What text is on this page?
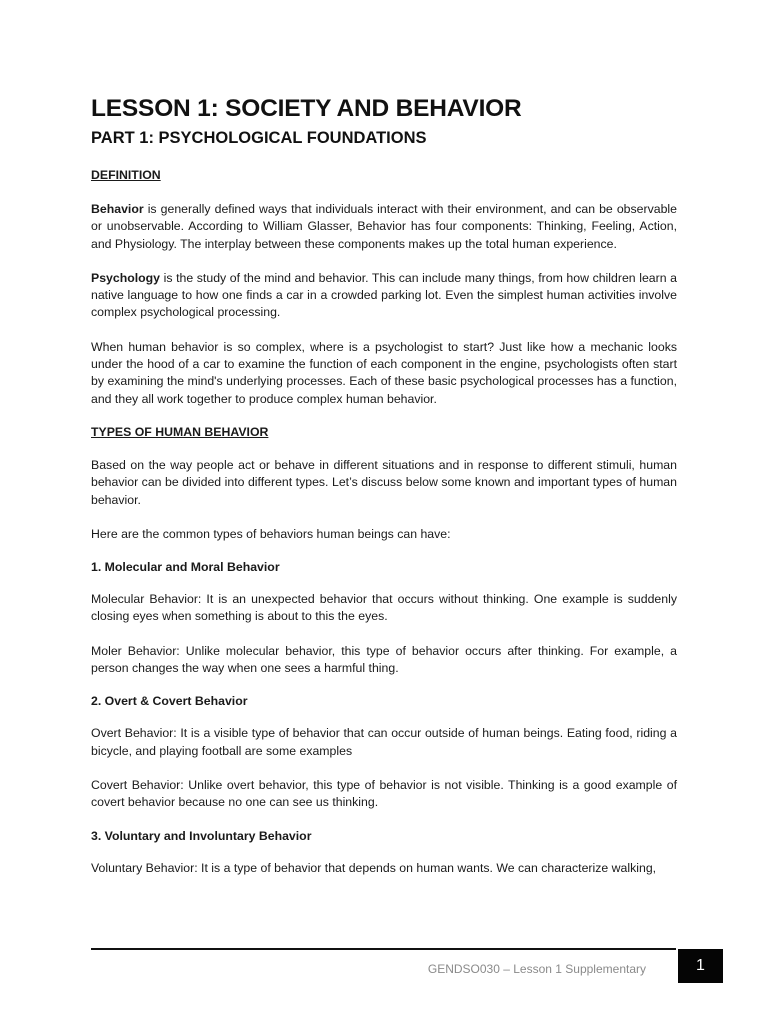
LESSON 1: SOCIETY AND BEHAVIOR
PART 1: PSYCHOLOGICAL FOUNDATIONS
DEFINITION

Behavior is generally defined ways that individuals interact with their environment, and can be observable or unobservable. According to William Glasser, Behavior has four components: Thinking, Feeling, Action, and Physiology. The interplay between these components makes up the total human experience.

Psychology is the study of the mind and behavior. This can include many things, from how children learn a native language to how one finds a car in a crowded parking lot. Even the simplest human activities involve complex psychological processing.

When human behavior is so complex, where is a psychologist to start? Just like how a mechanic looks under the hood of a car to examine the function of each component in the engine, psychologists often start by examining the mind's underlying processes. Each of these basic psychological processes has a function, and they all work together to produce complex human behavior.

TYPES OF HUMAN BEHAVIOR

Based on the way people act or behave in different situations and in response to different stimuli, human behavior can be divided into different types. Let’s discuss below some known and important types of human behavior.

Here are the common types of behaviors human beings can have:

1. Molecular and Moral Behavior

Molecular Behavior: It is an unexpected behavior that occurs without thinking. One example is suddenly closing eyes when something is about to this the eyes.

Moler Behavior: Unlike molecular behavior, this type of behavior occurs after thinking. For example, a person changes the way when one sees a harmful thing.

2. Overt & Covert Behavior

Overt Behavior: It is a visible type of behavior that can occur outside of human beings. Eating food, riding a bicycle, and playing football are some examples

Covert Behavior: Unlike overt behavior, this type of behavior is not visible. Thinking is a good example of covert behavior because no one can see us thinking.

3. Voluntary and Involuntary Behavior

Voluntary Behavior: It is a type of behavior that depends on human wants. We can characterize walking,

GENDSO030 – Lesson 1 Supplementary	1
